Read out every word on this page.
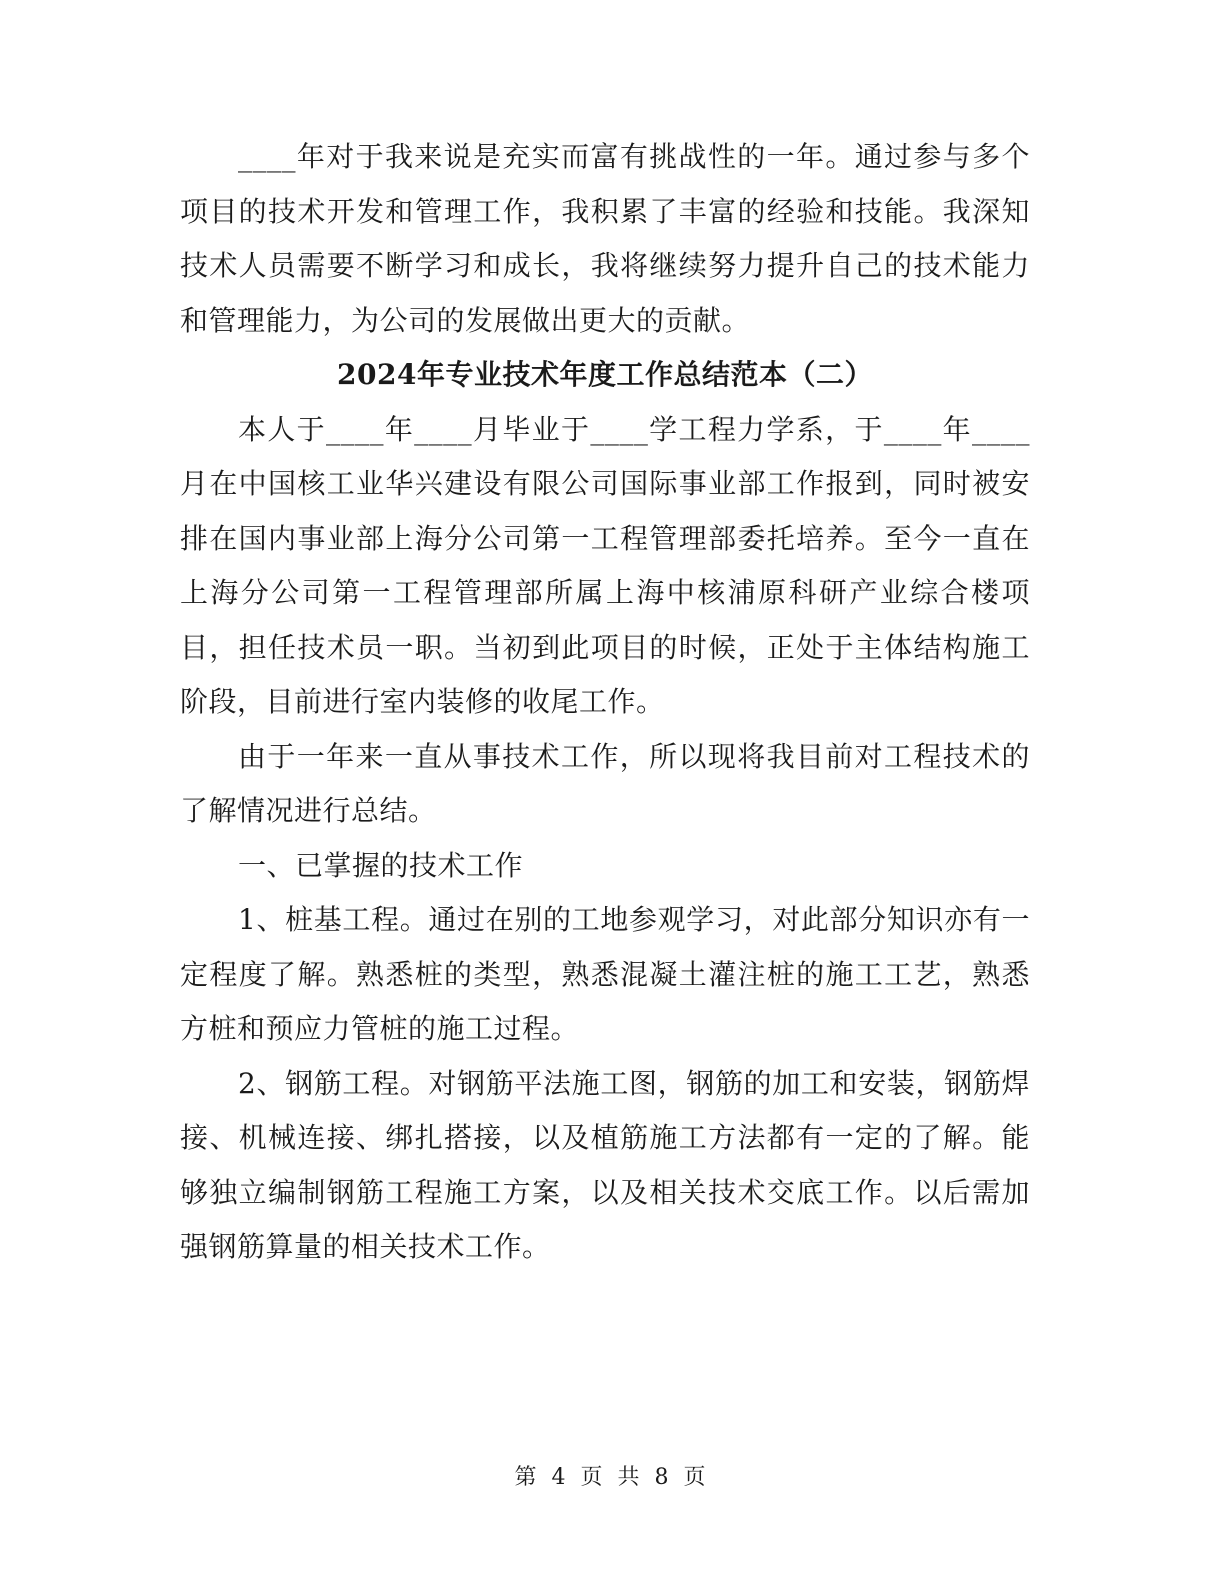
____年对于我来说是充实而富有挑战性的一年。通过参与多个项目的技术开发和管理工作，我积累了丰富的经验和技能。我深知技术人员需要不断学习和成长，我将继续努力提升自己的技术能力和管理能力，为公司的发展做出更大的贡献。

2024年专业技术年度工作总结范本（二）

本人于____年____月毕业于____学工程力学系，于____年____月在中国核工业华兴建设有限公司国际事业部工作报到，同时被安排在国内事业部上海分公司第一工程管理部委托培养。至今一直在上海分公司第一工程管理部所属上海中核浦原科研产业综合楼项目，担任技术员一职。当初到此项目的时候，正处于主体结构施工阶段，目前进行室内装修的收尾工作。

由于一年来一直从事技术工作，所以现将我目前对工程技术的了解情况进行总结。

一、已掌握的技术工作

1、桩基工程。通过在别的工地参观学习，对此部分知识亦有一定程度了解。熟悉桩的类型，熟悉混凝土灌注桩的施工工艺，熟悉方桩和预应力管桩的施工过程。

2、钢筋工程。对钢筋平法施工图，钢筋的加工和安装，钢筋焊接、机械连接、绑扎搭接，以及植筋施工方法都有一定的了解。能够独立编制钢筋工程施工方案，以及相关技术交底工作。以后需加强钢筋算量的相关技术工作。

第 4 页 共 8 页
